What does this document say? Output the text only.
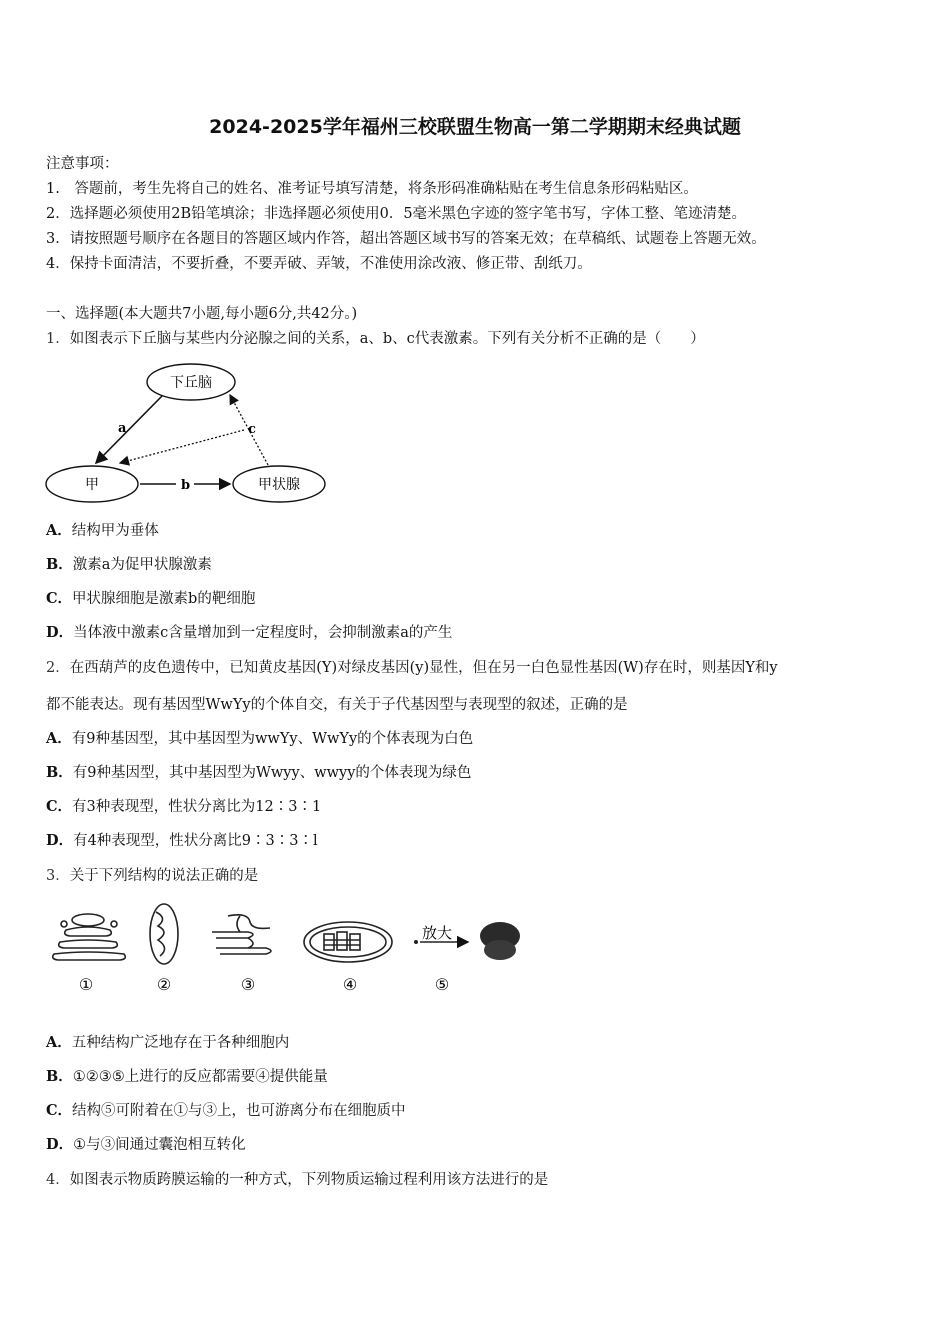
2024-2025学年福州三校联盟生物高一第二学期期末经典试题
注意事项：
1.　答题前，考生先将自己的姓名、准考证号填写清楚，将条形码准确粘贴在考生信息条形码粘贴区。
2．选择题必须使用2B铅笔填涂；非选择题必须使用0．5毫米黑色字迹的签字笔书写，字体工整、笔迹清楚。
3．请按照题号顺序在各题目的答题区域内作答，超出答题区域书写的答案无效；在草稿纸、试题卷上答题无效。
4．保持卡面清洁，不要折叠，不要弄破、弄皱，不准使用涂改液、修正带、刮纸刀。
一、选择题(本大题共7小题,每小题6分,共42分。)
1．如图表示下丘脑与某些内分泌腺之间的关系，a、b、c代表激素。下列有关分析不正确的是（　　）
下丘脑
甲	甲状腺
a
b
c
A．结构甲为垂体
B．激素a为促甲状腺激素
C．甲状腺细胞是激素b的靶细胞
D．当体液中激素c含量增加到一定程度时，会抑制激素a的产生
2．在西葫芦的皮色遗传中，已知黄皮基因(Y)对绿皮基因(y)显性，但在另一白色显性基因(W)存在时，则基因Y和y
都不能表达。现有基因型WwYy的个体自交，有关于子代基因型与表现型的叙述，正确的是
A．有9种基因型，其中基因型为wwYy、WwYy的个体表现为白色
B．有9种基因型，其中基因型为Wwyy、wwyy的个体表现为绿色
C．有3种表现型，性状分离比为12∶3∶1
D．有4种表现型，性状分离比9∶3∶3∶l
3．关于下列结构的说法正确的是
放大
①	②	③	④	⑤
A．五种结构广泛地存在于各种细胞内
B．①②③⑤上进行的反应都需要④提供能量
C．结构⑤可附着在①与③上，也可游离分布在细胞质中
D．①与③间通过囊泡相互转化
4．如图表示物质跨膜运输的一种方式，下列物质运输过程利用该方法进行的是
